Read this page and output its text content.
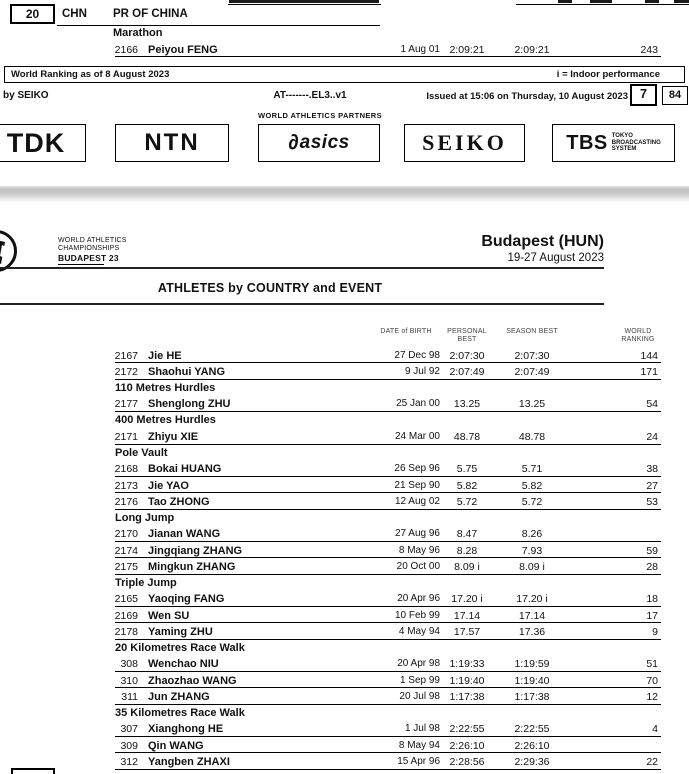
20	CHN PR OF CHINA
Marathon
2166 Peiyou FENG	1 Aug 01 2:09:21	2:09:21	243
World Ranking as of 8 August 2023	i = Indoor performance
by SEIKO	AT-------.EL3..v1	Issued at 15:06 on Thursday, 10 August 2023 7	84
WORLD ATHLETICS PARTNERS
TDK	NTN	∂ asics	SEIKO	TBS TOKYO
BROADCASTING
SYSTEM
WORLD ATHLETICS
CHAMPIONSHIPS
BUDAPEST 23
Budapest (HUN)
19-27 August 2023
ATHLETES by COUNTRY and EVENT
DATE of BIRTH	PERSONAL
BEST
SEASON BEST	WORLD
RANKING
2167 Jie HE	27 Dec 98 2:07:30	2:07:30	144
2172 Shaohui YANG	9 Jul 92 2:07:49	2:07:49	171
110 Metres Hurdles
2177 Shenglong ZHU	25 Jan 00	13.25	13.25	54
400 Metres Hurdles
2171 Zhiyu XIE	24 Mar 00	48.78	48.78	24
Pole Vault
2168 Bokai HUANG	26 Sep 96	5.75	5.71	38
2173 Jie YAO	21 Sep 90	5.82	5.82	27
2176 Tao ZHONG	12 Aug 02	5.72	5.72	53
Long Jump
2170 Jianan WANG	27 Aug 96	8.47	8.26
2174 Jingqiang ZHANG	8 May 96	8.28	7.93	59
2175 Mingkun ZHANG	20 Oct 00	8.09 i	8.09 i	28
Triple Jump
2165 Yaoqing FANG	20 Apr 96	17.20 i	17.20 i	18
2169 Wen SU	10 Feb 99	17.14	17.14	17
2178 Yaming ZHU	4 May 94	17.57	17.36	9
20 Kilometres Race Walk
308 Wenchao NIU	20 Apr 98 1:19:33	1:19:59	51
310 Zhaozhao WANG	1 Sep 99 1:19:40	1:19:40	70
311 Jun ZHANG	20 Jul 98 1:17:38	1:17:38	12
35 Kilometres Race Walk
307 Xianghong HE	1 Jul 98 2:22:55	2:22:55	4
309 Qin WANG	8 May 94 2:26:10	2:26:10
312 Yangben ZHAXI	15 Apr 96 2:28:56	2:29:36	22
